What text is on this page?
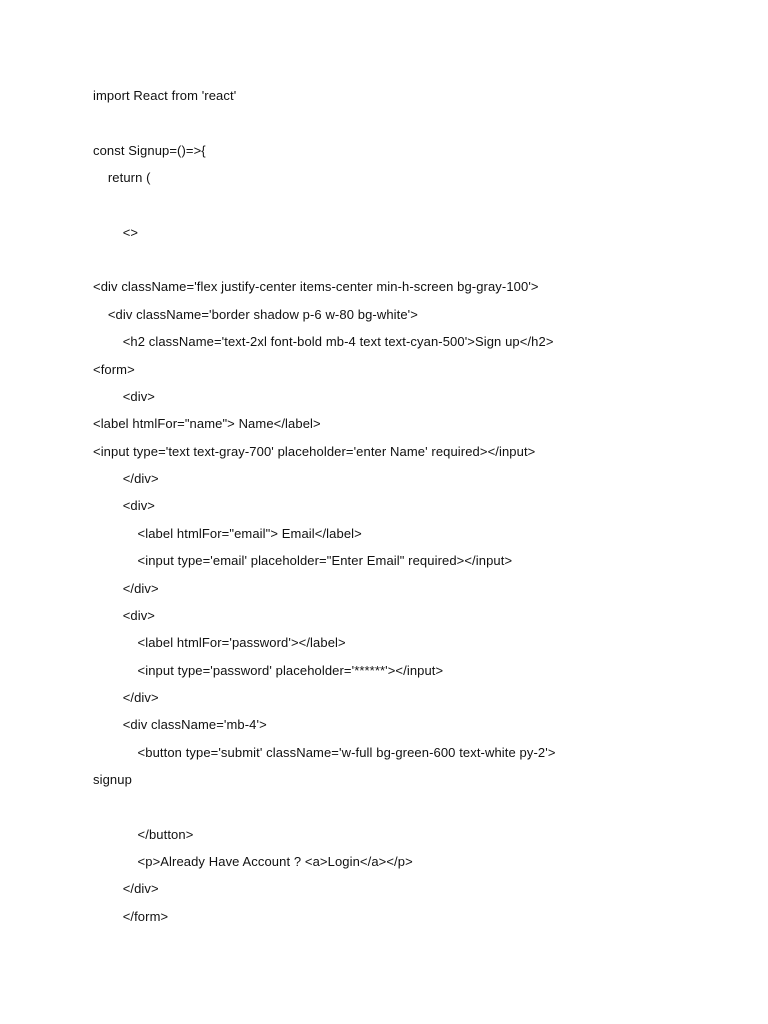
import React from 'react'
const Signup=()=>{
return (
<>
<div className='flex justify-center items-center min-h-screen bg-gray-100'>
<div className='border shadow p-6 w-80 bg-white'>
<h2 className='text-2xl font-bold mb-4 text text-cyan-500'>Sign up</h2>
<form>
<div>
<label htmlFor="name"> Name</label>
<input type='text text-gray-700' placeholder='enter Name' required></input>
</div>
<div>
<label htmlFor="email"> Email</label>
<input type='email' placeholder="Enter Email" required></input>
</div>
<div>
<label htmlFor='password'></label>
<input type='password' placeholder='******'></input>
</div>
<div className='mb-4'>
<button type='submit' className='w-full bg-green-600 text-white py-2'>
signup
</button>
<p>Already Have Account ? <a>Login</a></p>
</div>
</form>
